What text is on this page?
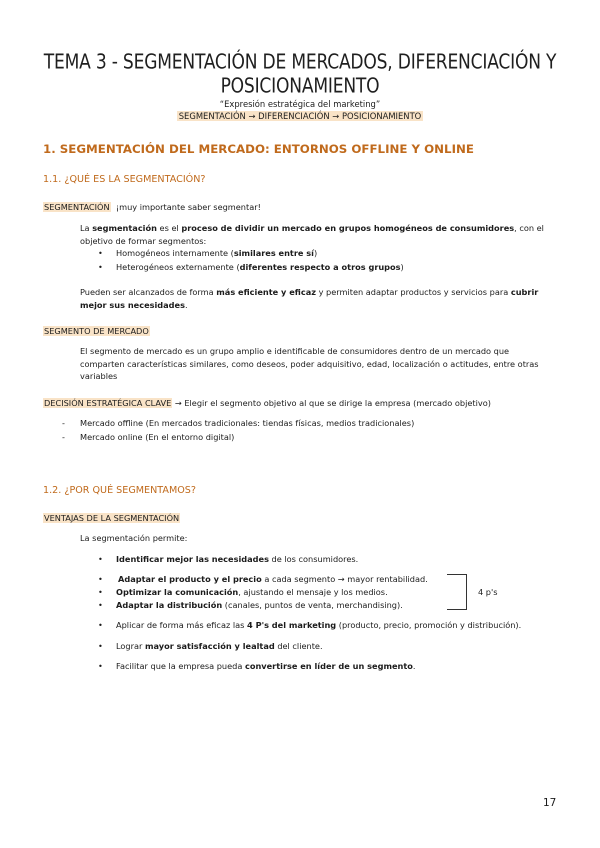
TEMA 3 - SEGMENTACIÓN DE MERCADOS, DIFERENCIACIÓN Y POSICIONAMIENTO
“Expresión estratégica del marketing”
SEGMENTACIÓN → DIFERENCIACIÓN → POSICIONAMIENTO
1. SEGMENTACIÓN DEL MERCADO: ENTORNOS OFFLINE Y ONLINE
1.1. ¿QUÉ ES LA SEGMENTACIÓN?
SEGMENTACIÓN ¡muy importante saber segmentar!
La segmentación es el proceso de dividir un mercado en grupos homogéneos de consumidores, con el objetivo de formar segmentos:
• Homogéneos internamente (similares entre sí)
• Heterogéneos externamente (diferentes respecto a otros grupos)
Pueden ser alcanzados de forma más eficiente y eficaz y permiten adaptar productos y servicios para cubrir mejor sus necesidades.
SEGMENTO DE MERCADO
El segmento de mercado es un grupo amplio e identificable de consumidores dentro de un mercado que comparten características similares, como deseos, poder adquisitivo, edad, localización o actitudes, entre otras variables
DECISIÓN ESTRATÉGICA CLAVE → Elegir el segmento objetivo al que se dirige la empresa (mercado objetivo)
- Mercado offline (En mercados tradicionales: tiendas físicas, medios tradicionales)
- Mercado online (En el entorno digital)
1.2. ¿POR QUÉ SEGMENTAMOS?
VENTAJAS DE LA SEGMENTACIÓN
La segmentación permite:
• Identificar mejor las necesidades de los consumidores.
• Adaptar el producto y el precio a cada segmento → mayor rentabilidad.
• Optimizar la comunicación, ajustando el mensaje y los medios.
• Adaptar la distribución (canales, puntos de venta, merchandising).
4 p's
• Aplicar de forma más eficaz las 4 P's del marketing (producto, precio, promoción y distribución).
• Lograr mayor satisfacción y lealtad del cliente.
• Facilitar que la empresa pueda convertirse en líder de un segmento.
17
